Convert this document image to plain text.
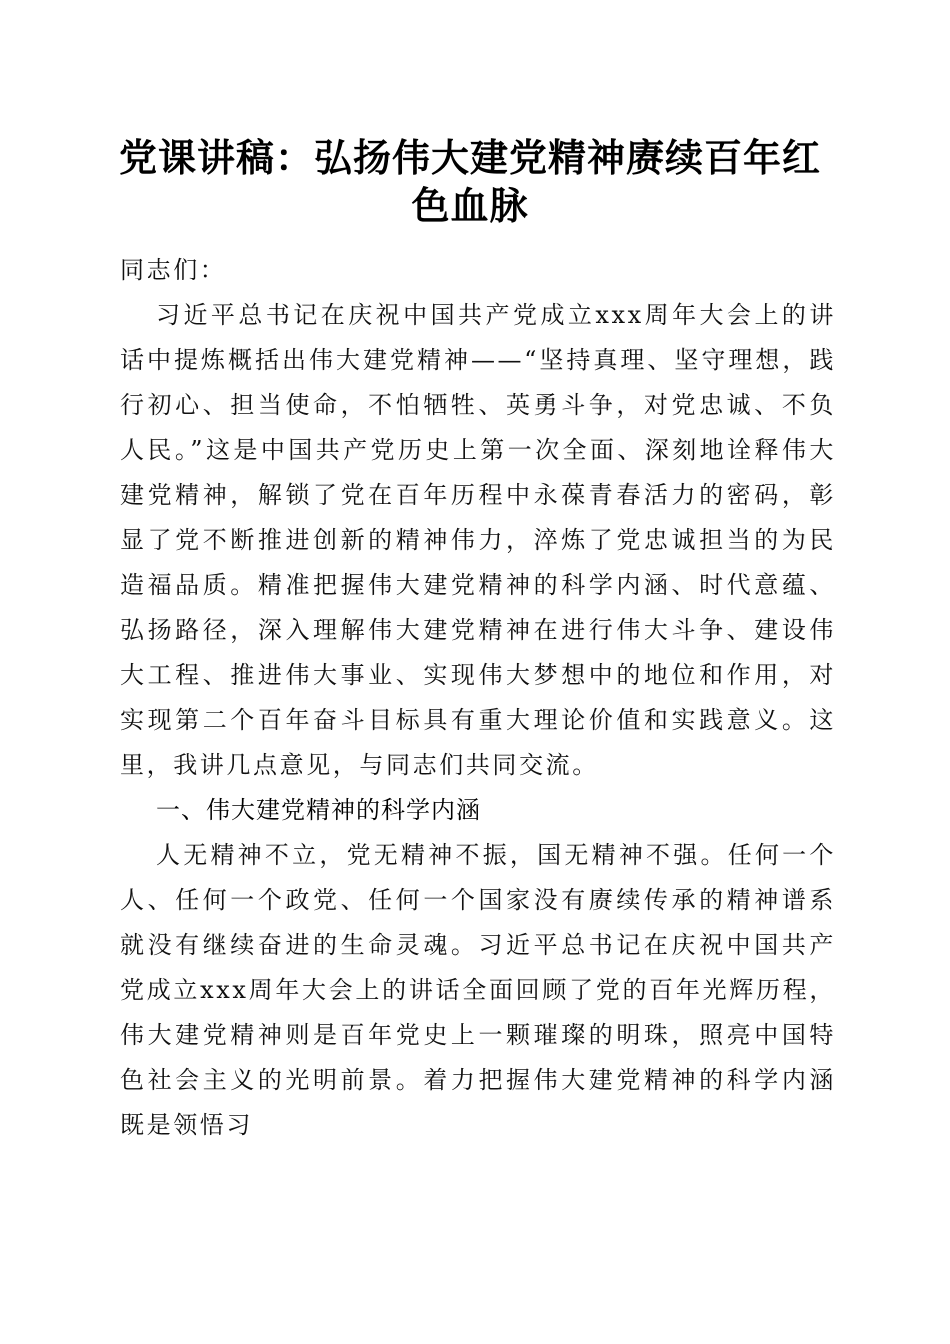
党课讲稿：弘扬伟大建党精神赓续百年红色血脉

同志们：

习近平总书记在庆祝中国共产党成立xxx周年大会上的讲话中提炼概括出伟大建党精神——“坚持真理、坚守理想，践行初心、担当使命，不怕牺牲、英勇斗争，对党忠诚、不负人民。”这是中国共产党历史上第一次全面、深刻地诠释伟大建党精神，解锁了党在百年历程中永葆青春活力的密码，彰显了党不断推进创新的精神伟力，淬炼了党忠诚担当的为民造福品质。精准把握伟大建党精神的科学内涵、时代意蕴、弘扬路径，深入理解伟大建党精神在进行伟大斗争、建设伟大工程、推进伟大事业、实现伟大梦想中的地位和作用，对实现第二个百年奋斗目标具有重大理论价值和实践意义。这里，我讲几点意见，与同志们共同交流。

一、伟大建党精神的科学内涵

人无精神不立，党无精神不振，国无精神不强。任何一个人、任何一个政党、任何一个国家没有赓续传承的精神谱系就没有继续奋进的生命灵魂。习近平总书记在庆祝中国共产党成立xxx周年大会上的讲话全面回顾了党的百年光辉历程，伟大建党精神则是百年党史上一颗璀璨的明珠，照亮中国特色社会主义的光明前景。着力把握伟大建党精神的科学内涵既是领悟习
